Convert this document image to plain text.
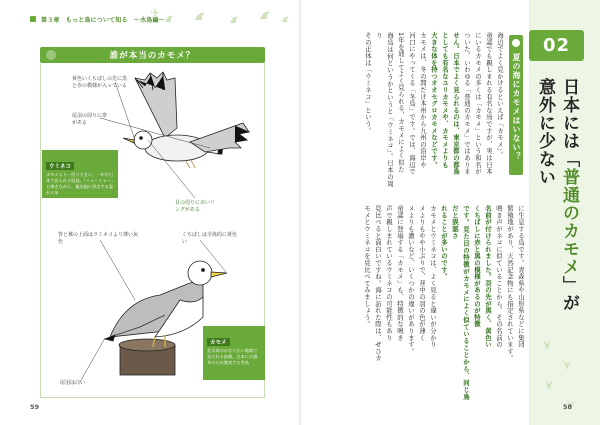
第３章　もっと鳥について知る　〜水鳥編〜
✈
誰が本当のカモメ？
黄色いくちばしの先に黒と赤の模様が入っている
尾羽の周りに帯がある
目の周りに赤いリングがある
背と翼の上面はウミネコより薄い灰色
くちばしは全体的に黄色い
尾羽は白い
ウミネコ
カモメより一回り大きい。一年中日本で見られる留鳥。「ミャーミャー」と鳴きながら、観光船に併走する姿が人気
カモメ
北半球のかなり広い地域で見られる鳥類。日本には越冬のため渡来する冬鳥
59
02
日本には「普通のカモメ」が意外に少ない
夏の海にカモメはいない？
海辺でよく見かけるといえば「カモメ」。
童謡でも親しまれる有名な鳥ですが、実は日本
にいるカモメの多くは「カモメ」という和名が
ついた、いわゆる「普通のカモメ」ではありま
せん。日本でよく見られるのは、東京都の都鳥
としても有名なユリカモメや、カモメよりも
大きな体を持つオオセグロカモメなどです。
カモメは、冬の間だけ本州から九州の沿岸や
河口にやってくる「冬鳥」です。では、海辺で
1年を通してよく見られる、カモメによく似た
海鳥は何というかというと「ウミネコ」。日本の周り
その正体は「ウミネコ」という。
に生息する鳥です。青森県や山形県などに集団
繁殖地があり、天然記念物にも指定されています。
鳴き声がネコに似ていることから、その名前の
名前が付けられました。羽の先が黒く、黄色い
くちばしに赤と黒の模様があるのが特徴
です。見た目の特徴がカモメによく似ていることから、同じ鳥だと誤認さ
れることが多いのです。
カモメとウミネコは、よく見ると違いが分かり
メよりもやや小ぶりで、背中の羽の色が薄く
メよりも濃いなど、いくつかの違いがあります。
童謡に登場する「カモメ」も、特徴的な鳴き
声で親しまれているウミネコの可能性もあり
見比べると面白いですね。海に訪れた際は、ぜひカ
モメとウミネコを見比べてみましょう。
58
